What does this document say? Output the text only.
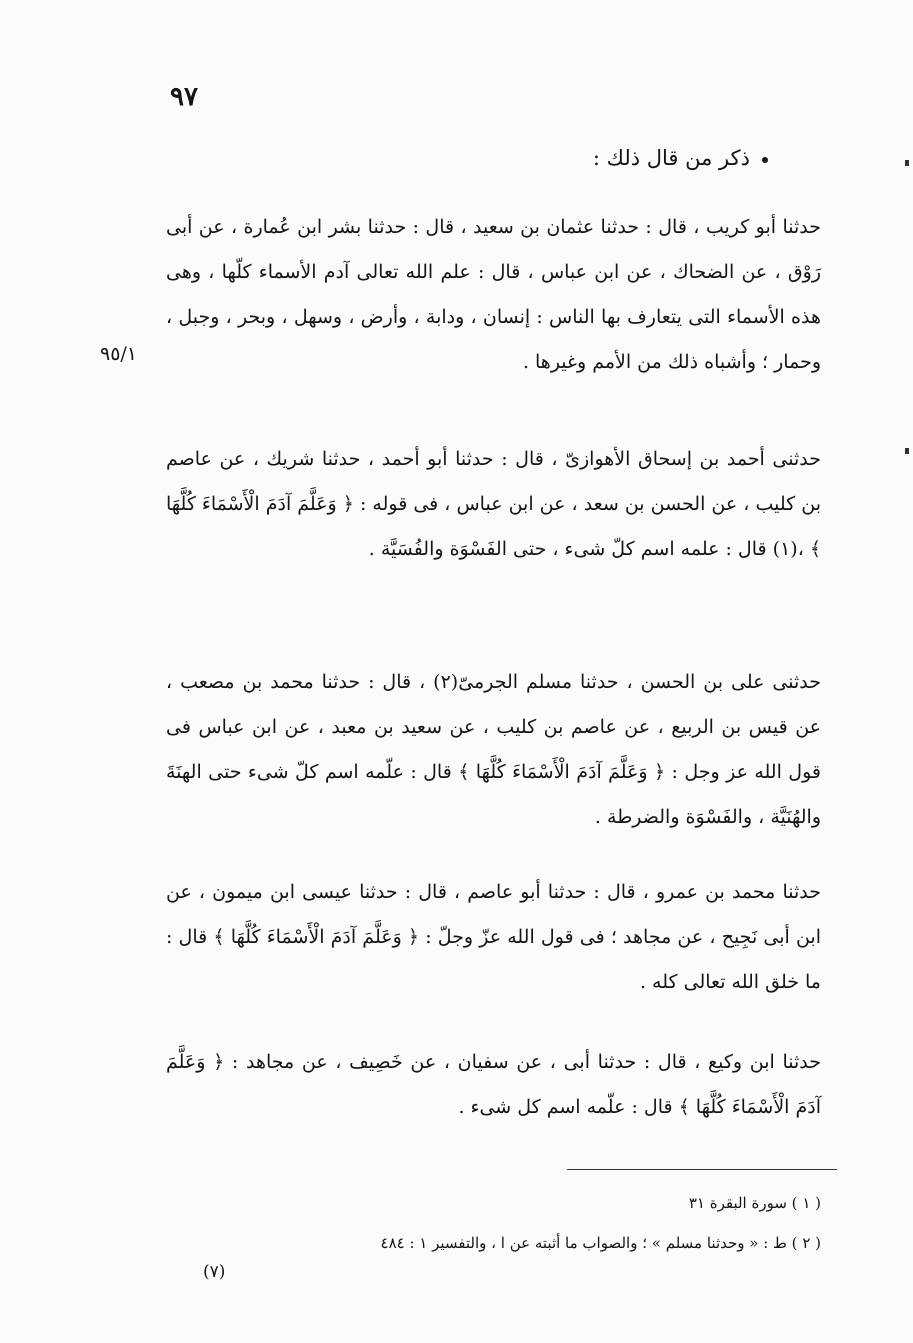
٩٧
ذكر من قال ذلك :
٩٥/١
حدثنا أبو كريب ، قال : حدثنا عثمان بن سعيد ، قال : حدثنا بشر ابن عُمارة ، عن أبى رَوْق ، عن الضحاك ، عن ابن عباس ، قال : علم الله تعالى آدم الأسماء كلّها ، وهى هذه الأسماء التى يتعارف بها الناس : إنسان ، ودابة ، وأرض ، وسهل ، وبحر ، وجبل ، وحمار ؛ وأشباه ذلك من الأمم وغيرها .
حدثنى أحمد بن إسحاق الأهوازىّ ، قال : حدثنا أبو أحمد ، حدثنا شريك ، عن عاصم بن كليب ، عن الحسن بن سعد ، عن ابن عباس ، فى قوله : ﴿ وَعَلَّمَ آدَمَ الْأَسْمَاءَ كُلَّهَا ﴾ ،(١) قال : علمه اسم كلّ شىء ، حتى الفَسْوَة والفُسَيَّة .
حدثنى على بن الحسن ، حدثنا مسلم الجرمىّ(٢) ، قال : حدثنا محمد بن مصعب ، عن قيس بن الربيع ، عن عاصم بن كليب ، عن سعيد بن معبد ، عن ابن عباس فى قول الله عز وجل : ﴿ وَعَلَّمَ آدَمَ الْأَسْمَاءَ كُلَّهَا ﴾ قال : علّمه اسم كلّ شىء حتى الهنَةَ والهُنَيَّة ، والفَسْوَة والضرطة .
حدثنا محمد بن عمرو ، قال : حدثنا أبو عاصم ، قال : حدثنا عيسى ابن ميمون ، عن ابن أبى نَجِيح ، عن مجاهد ؛ فى قول الله عزّ وجلّ : ﴿ وَعَلَّمَ آدَمَ الْأَسْمَاءَ كُلَّهَا ﴾ قال : ما خلق الله تعالى كله .
حدثنا ابن وكيع ، قال : حدثنا أبى ، عن سفيان ، عن خَصِيف ، عن مجاهد : ﴿ وَعَلَّمَ آدَمَ الْأَسْمَاءَ كُلَّهَا ﴾ قال : علّمه اسم كل شىء .
( ١ ) سورة البقرة ٣١
( ٢ ) ط : « وحدثنا مسلم » ؛ والصواب ما أثبته عن ا ، والتفسير ١ : ٤٨٤
(٧)
